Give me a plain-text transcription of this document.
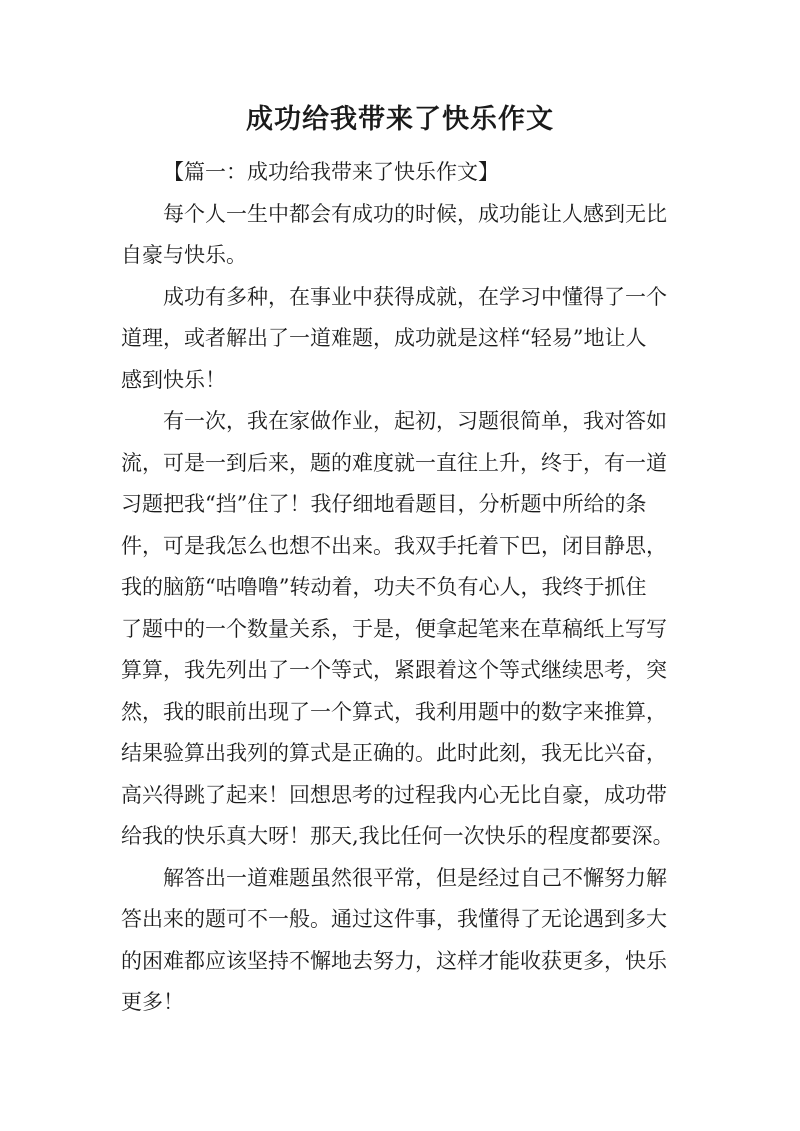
成功给我带来了快乐作文

【篇一：成功给我带来了快乐作文】

每个人一生中都会有成功的时候，成功能让人感到无比
自豪与快乐。
成功有多种，在事业中获得成就，在学习中懂得了一个
道理，或者解出了一道难题，成功就是这样“轻易”地让人
感到快乐！
有一次，我在家做作业，起初，习题很简单，我对答如
流，可是一到后来，题的难度就一直往上升，终于，有一道
习题把我“挡”住了！我仔细地看题目，分析题中所给的条
件，可是我怎么也想不出来。我双手托着下巴，闭目静思，
我的脑筋“咕噜噜”转动着，功夫不负有心人，我终于抓住
了题中的一个数量关系，于是，便拿起笔来在草稿纸上写写
算算，我先列出了一个等式，紧跟着这个等式继续思考，突
然，我的眼前出现了一个算式，我利用题中的数字来推算，
结果验算出我列的算式是正确的。此时此刻，我无比兴奋，
高兴得跳了起来！回想思考的过程我内心无比自豪，成功带
给我的快乐真大呀！那天,我比任何一次快乐的程度都要深。
解答出一道难题虽然很平常，但是经过自己不懈努力解
答出来的题可不一般。通过这件事，我懂得了无论遇到多大
的困难都应该坚持不懈地去努力，这样才能收获更多，快乐
更多！
